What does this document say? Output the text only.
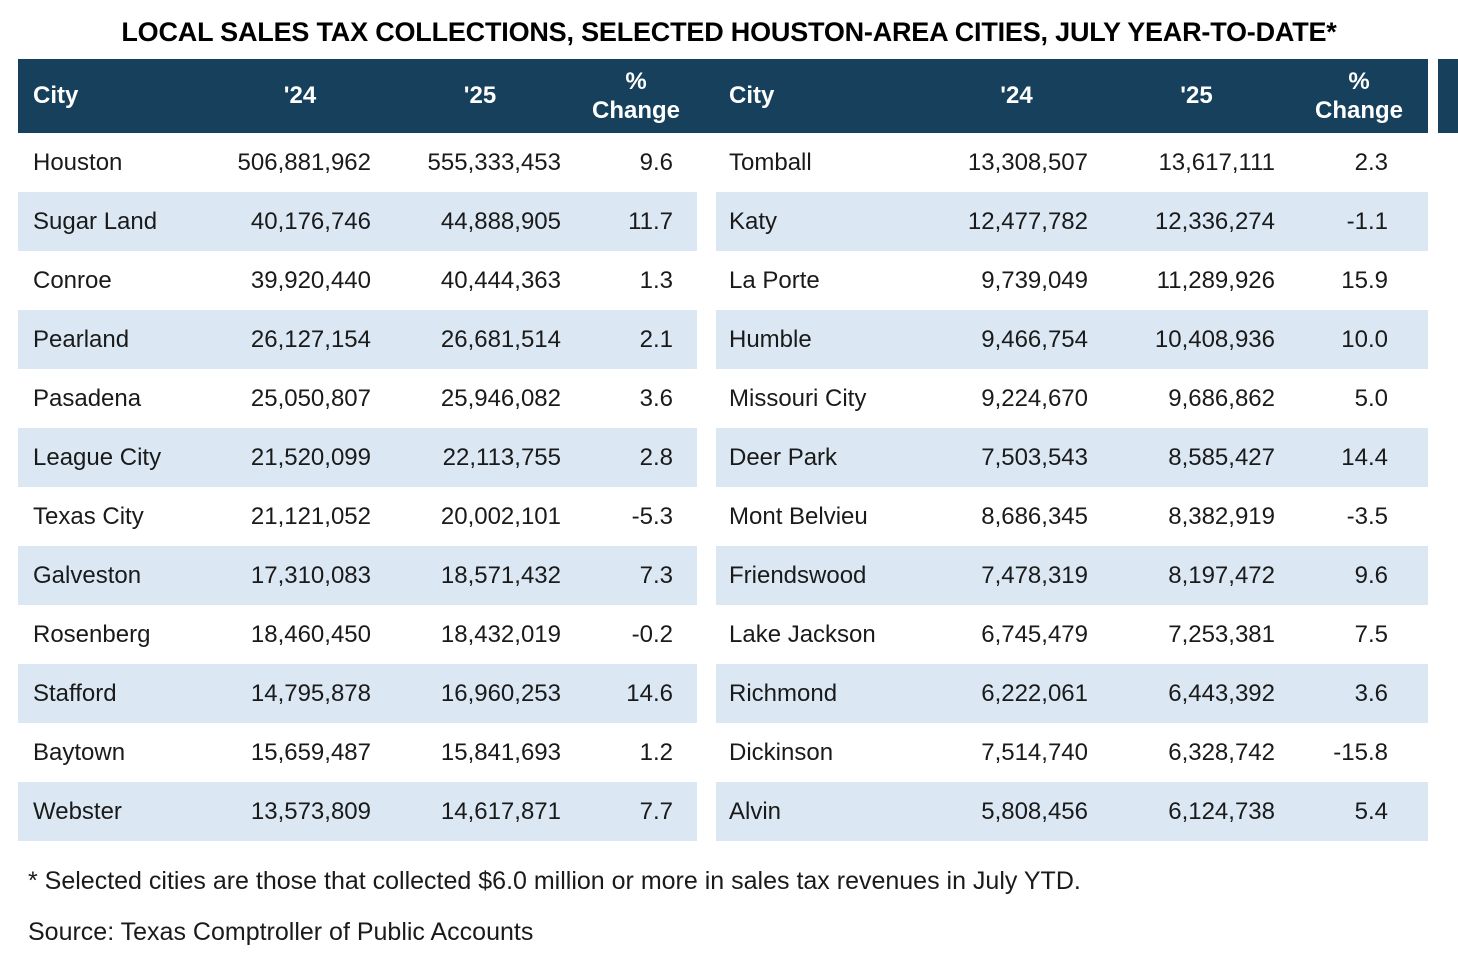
LOCAL SALES TAX COLLECTIONS, SELECTED HOUSTON-AREA CITIES, JULY YEAR-TO-DATE*
City	'24	'25	% Change
Houston	506,881,962	555,333,453	9.6
Sugar Land	40,176,746	44,888,905	11.7
Conroe	39,920,440	40,444,363	1.3
Pearland	26,127,154	26,681,514	2.1
Pasadena	25,050,807	25,946,082	3.6
League City	21,520,099	22,113,755	2.8
Texas City	21,121,052	20,002,101	-5.3
Galveston	17,310,083	18,571,432	7.3
Rosenberg	18,460,450	18,432,019	-0.2
Stafford	14,795,878	16,960,253	14.6
Baytown	15,659,487	15,841,693	1.2
Webster	13,573,809	14,617,871	7.7
City	'24	'25	% Change
Tomball	13,308,507	13,617,111	2.3
Katy	12,477,782	12,336,274	-1.1
La Porte	9,739,049	11,289,926	15.9
Humble	9,466,754	10,408,936	10.0
Missouri City	9,224,670	9,686,862	5.0
Deer Park	7,503,543	8,585,427	14.4
Mont Belvieu	8,686,345	8,382,919	-3.5
Friendswood	7,478,319	8,197,472	9.6
Lake Jackson	6,745,479	7,253,381	7.5
Richmond	6,222,061	6,443,392	3.6
Dickinson	7,514,740	6,328,742	-15.8
Alvin	5,808,456	6,124,738	5.4
* Selected cities are those that collected $6.0 million or more in sales tax revenues in July YTD.
Source: Texas Comptroller of Public Accounts
